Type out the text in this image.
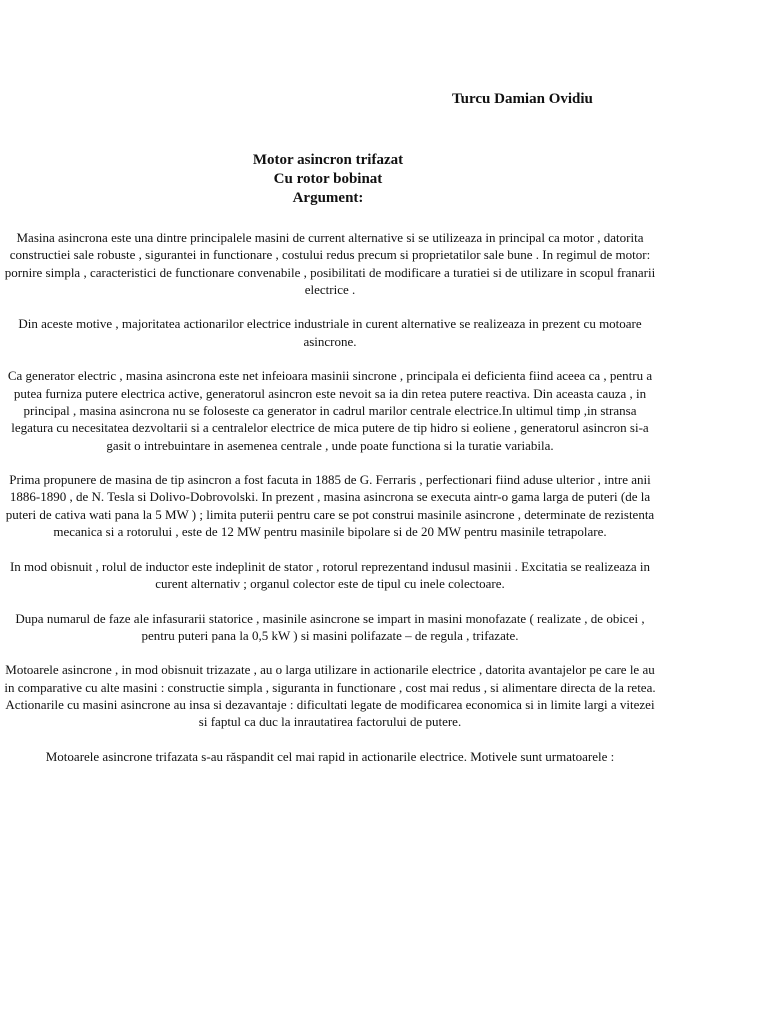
Turcu Damian Ovidiu
Motor asincron trifazat
Cu rotor bobinat
Argument:

Masina asincrona este una dintre principalele masini de current alternative si se utilizeaza in principal ca motor , datorita constructiei sale robuste , sigurantei in functionare , costului redus precum si proprietatilor sale bune . In regimul de motor: pornire simpla , caracteristici de functionare convenabile , posibilitati de modificare a turatiei si de utilizare in scopul franarii electrice .

Din aceste motive , majoritatea actionarilor electrice industriale in curent alternative se realizeaza in prezent cu motoare asincrone.

Ca generator electric , masina asincrona este net infeioara masinii sincrone , principala ei deficienta fiind aceea ca , pentru a putea furniza putere electrica active, generatorul asincron este nevoit sa ia din retea putere reactiva. Din aceasta cauza , in principal , masina asincrona nu se foloseste ca generator in cadrul marilor centrale electrice.In ultimul timp ,in stransa legatura cu necesitatea dezvoltarii si a centralelor electrice de mica putere de tip hidro si eoliene , generatorul asincron si-a gasit o intrebuintare in asemenea centrale , unde poate functiona si la turatie variabila.

Prima propunere de masina de tip asincron a fost facuta in 1885 de G. Ferraris , perfectionari fiind aduse ulterior , intre anii 1886-1890 , de N. Tesla si Dolivo-Dobrovolski. In prezent , masina asincrona se executa aintr-o gama larga de puteri (de la puteri de cativa wati pana la 5 MW ) ; limita puterii pentru care se pot construi masinile asincrone , determinate de rezistenta mecanica si a rotorului , este de 12 MW pentru masinile bipolare si de 20 MW pentru masinile tetrapolare.

In mod obisnuit , rolul de inductor este indeplinit de stator , rotorul reprezentand indusul masinii . Excitatia se realizeaza in curent alternativ ; organul colector este de tipul cu inele colectoare.

Dupa numarul de faze ale infasurarii statorice , masinile asincrone se impart in masini monofazate ( realizate , de obicei , pentru puteri pana la 0,5 kW ) si masini polifazate – de regula , trifazate.

Motoarele asincrone , in mod obisnuit trizazate , au o larga utilizare in actionarile electrice , datorita avantajelor pe care le au in comparative cu alte masini : constructie simpla , siguranta in functionare , cost mai redus , si alimentare directa de la retea. Actionarile cu masini asincrone au insa si dezavantaje : dificultati legate de modificarea economica si in limite largi a vitezei si faptul ca duc la inrautatirea factorului de putere.

Motoarele asincrone trifazata s-au răspandit cel mai rapid in actionarile electrice. Motivele sunt urmatoarele :
